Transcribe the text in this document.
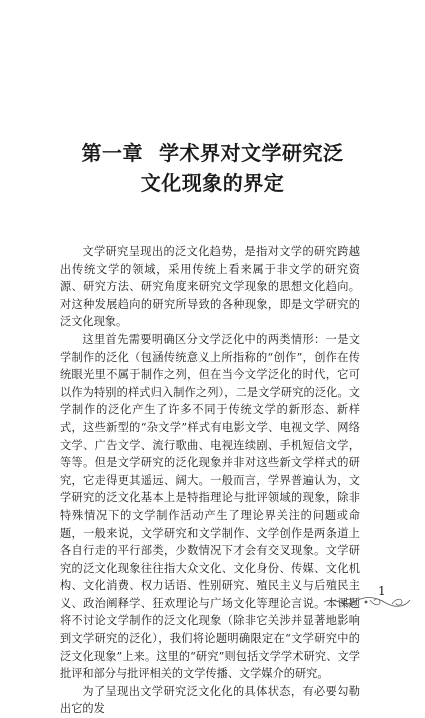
第一章 学术界对文学研究泛
文化现象的界定

文学研究呈现出的泛文化趋势，是指对文学的研究跨越出传统文学的领域，采用传统上看来属于非文学的研究资源、研究方法、研究角度来研究文学现象的思想文化趋向。对这种发展趋向的研究所导致的各种现象，即是文学研究的泛文化现象。

这里首先需要明确区分文学泛化中的两类情形：一是文学制作的泛化（包涵传统意义上所指称的“创作”，创作在传统眼光里不属于制作之列，但在当今文学泛化的时代，它可以作为特别的样式归入制作之列），二是文学研究的泛化。文学制作的泛化产生了许多不同于传统文学的新形态、新样式，这些新型的“杂文学”样式有电影文学、电视文学、网络文学、广告文学、流行歌曲、电视连续剧、手机短信文学，等等。但是文学研究的泛化现象并非对这些新文学样式的研究，它走得更其遥远、阔大。一般而言，学界普遍认为，文学研究的泛文化基本上是特指理论与批评领域的现象，除非特殊情况下的文学制作活动产生了理论界关注的问题或命题，一般来说，文学研究和文学制作、文学创作是两条道上各自行走的平行部类，少数情况下才会有交叉现象。文学研究的泛文化现象往往指大众文化、文化身份、传媒、文化机构、文化消费、权力话语、性别研究、殖民主义与后殖民主义、政治阐释学、狂欢理论与广场文化等理论言说。本课题将不讨论文学制作的泛文化现象（除非它关涉并显著地影响到文学研究的泛化），我们将论题明确限定在“文学研究中的泛文化现象”上来。这里的“研究”则包括文学学术研究、文学批评和部分与批评相关的文学传播、文学媒介的研究。

为了呈现出文学研究泛文化化的具体状态，有必要勾勒出它的发

1
